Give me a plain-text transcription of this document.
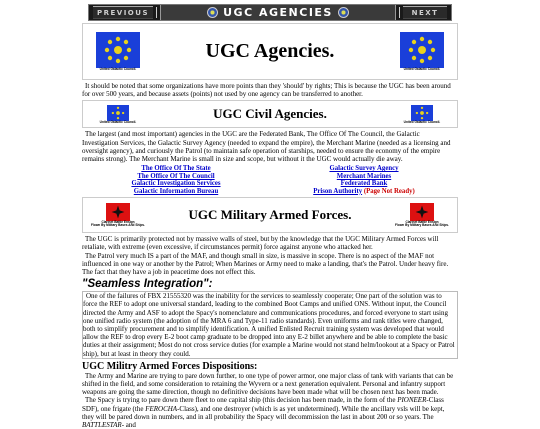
PREVIOUS	UGC AGENCIES	NEXT
United Galactic Council.
UGC Agencies.
United Galactic Council.
It should be noted that some organizations have more points than they 'should' by rights; This is because the UGC has been around for over 500 years, and because assets (points) not used by one agency can be transferred to another.
United Galactic Council.
UGC Civil Agencies.
United Galactic Council.
The largest (and most important) agencies in the UGC are the Federated Bank, The Office Of The Council, the Galactic Investigation Services, the Galactic Survey Agency (needed to expand the empire), the Merchant Marine (needed as a licensing and oversight agency), and curiously the Patrol (to maintain safe operation of starships, needed to ensure the economy of the empire remains strong). The Merchant Marine is small in size and scope, but without it the UGC would actually die away.
The Office Of The State	Galactic Survey Agency
The Office Of The Council	Merchant Marines
Galactic Investigation Services	Federated Bank
Galactic Information Bureau	Prison Authority (Page Not Ready)
Clarinet Battle Ensign
Flown By Military Bases And Ships.
UGC Military Armed Forces.	Clarinet Battle Ensign
Flown By Military Bases And Ships.
The UGC is primarily protected not by massive walls of steel, but by the knowledge that the UGC Military Armed Forces will retaliate, with extreme (even excessive, if circumstances permit) force against anyone who attacked her.
The Patrol very much IS a part of the MAF, and though small in size, is massive in scope. There is no aspect of the MAF not influenced in one way or another by the Patrol; When Marines or Army need to make a landing, that's the Patrol. Under heavy fire. The fact that they have a job in peacetime does not effect this.
"Seamless Integration":
One of the failures of FBX 21555320 was the inability for the services to seamlessly cooperate; One part of the solution was to force the REF to adopt one universal standard, leading to the combined Boot Camps and unified ONS. Without input, the Council directed the Army and ASF to adopt the Spacy's nomenclature and communications procedures, and forced everyone to start using one unified radio system (the adoption of the MRA 6 and Type-11 radio standards). Even uniforms and rank titles were changed, both to simplify procurement and to simplify identification. A unified Enlisted Recruit training system was developed that would allow the REF to drop every E-2 boot camp graduate to be dropped into any E-2 billet anywhere and be able to complete the basic duties at their assignment; Most do not cross service duties (for example a Marine would not stand helm/lookout at a Spacy or Patrol ship), but at least in theory they could.
UGC Militry Armed Forces Dispositions:
The Army and Marine are trying to pare down further, to one type of power armor, one major class of tank with variants that can be shifted in the field, and some consideration to retaining the Wyvern or a next generation equivalent. Personal and infantry support weapons are going the same direction, though no definitive decisions have been made what will be chosen next has been made.
The Spacy is trying to pare down there fleet to one capital ship (this decision has been made, in the form of the PIONEER-Class SDF), one frigate (the FEROCHA-Class), and one destroyer (which is as yet undetermined). While the ancillary vsls will be kept, they will be pared down in numbers, and in all probability the Spacy will decommission the last in about 200 or so years. The BATTLESTAR- and
